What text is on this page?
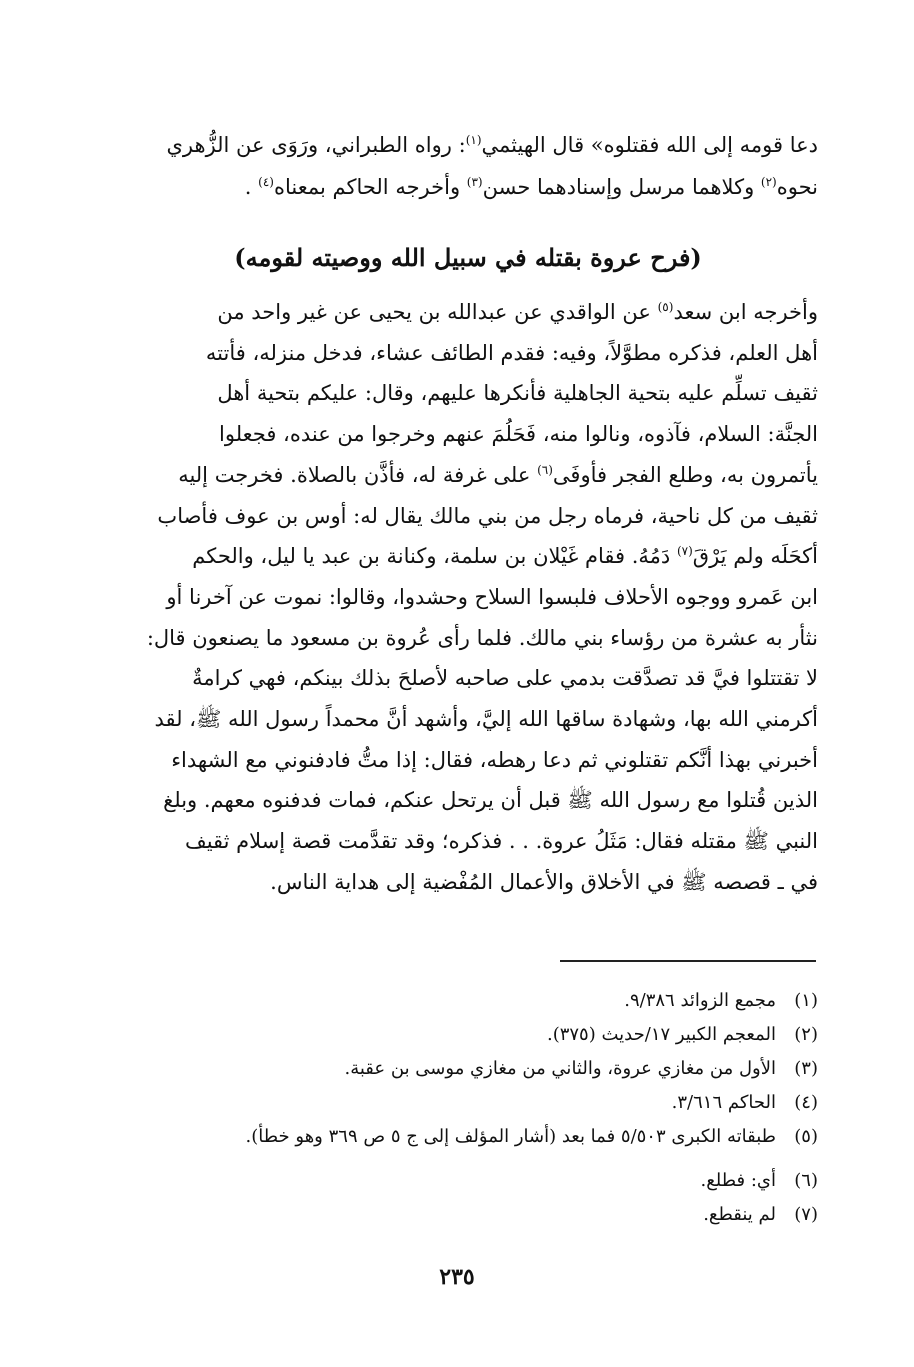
دعا قومه إلى الله فقتلوه» قال الهيثمي$^{(١)}$: رواه الطبراني، ورَوَى عن الزُّهري
نحوه$^{(٢)}$ وكلاهما مرسل وإسنادهما حسن$^{(٣)}$ وأخرجه الحاكم بمعناه$^{(٤)}$ .
(فرح عروة بقتله في سبيل الله ووصيته لقومه)
وأخرجه ابن سعد$^{(٥)}$ عن الواقدي عن عبدالله بن يحيى عن غير واحد من
أهل العلم، فذكره مطوَّلاً، وفيه: فقدم الطائف عشاء، فدخل منزله، فأتته
ثقيف تسلِّم عليه بتحية الجاهلية فأنكرها عليهم، وقال: عليكم بتحية أهل
الجنَّة: السلام، فآذوه، ونالوا منه، فَحَلُمَ عنهم وخرجوا من عنده، فجعلوا
يأتمرون به، وطلع الفجر فأوفَى$^{(٦)}$ على غرفة له، فأذَّن بالصلاة. فخرجت إليه
ثقيف من كل ناحية، فرماه رجل من بني مالك يقال له: أوس بن عوف فأصاب
أكحَلَه ولم يَرْقَ$^{(٧)}$ دَمُهُ. فقام غَيْلان بن سلمة، وكنانة بن عبد يا ليل، والحكم
ابن عَمرو ووجوه الأحلاف فلبسوا السلاح وحشدوا، وقالوا: نموت عن آخرنا أو
نثأر به عشرة من رؤساء بني مالك. فلما رأى عُروة بن مسعود ما يصنعون قال:
لا تقتتلوا فيَّ قد تصدَّقت بدمي على صاحبه لأصلحَ بذلك بينكم، فهي كرامةٌ
أكرمني الله بها، وشهادة ساقها الله إليَّ، وأشهد أنَّ محمداً رسول الله ﷺ، لقد
أخبرني بهذا أنَّكم تقتلوني ثم دعا رهطه، فقال: إذا متُّ فادفنوني مع الشهداء
الذين قُتلوا مع رسول الله ﷺ قبل أن يرتحل عنكم، فمات فدفنوه معهم. وبلغ
النبي ﷺ مقتله فقال: مَثَلُ عروة. . . فذكره؛ وقد تقدَّمت قصة إسلام ثقيف
في ـ قصصه ﷺ في الأخلاق والأعمال المُفْضية إلى هداية الناس.
(١)
مجمع الزوائد ٩/٣٨٦.
(٢)
المعجم الكبير ١٧/حديث (٣٧٥).
(٣)
الأول من مغازي عروة، والثاني من مغازي موسى بن عقبة.
(٤)
الحاكم ٣/٦١٦.
(٥)
طبقاته الكبرى ٥/٥٠٣ فما بعد (أشار المؤلف إلى ج ٥ ص ٣٦٩ وهو خطأ).
(٦)
أي: فطلع.
(٧)
لم ينقطع.
٢٣٥
